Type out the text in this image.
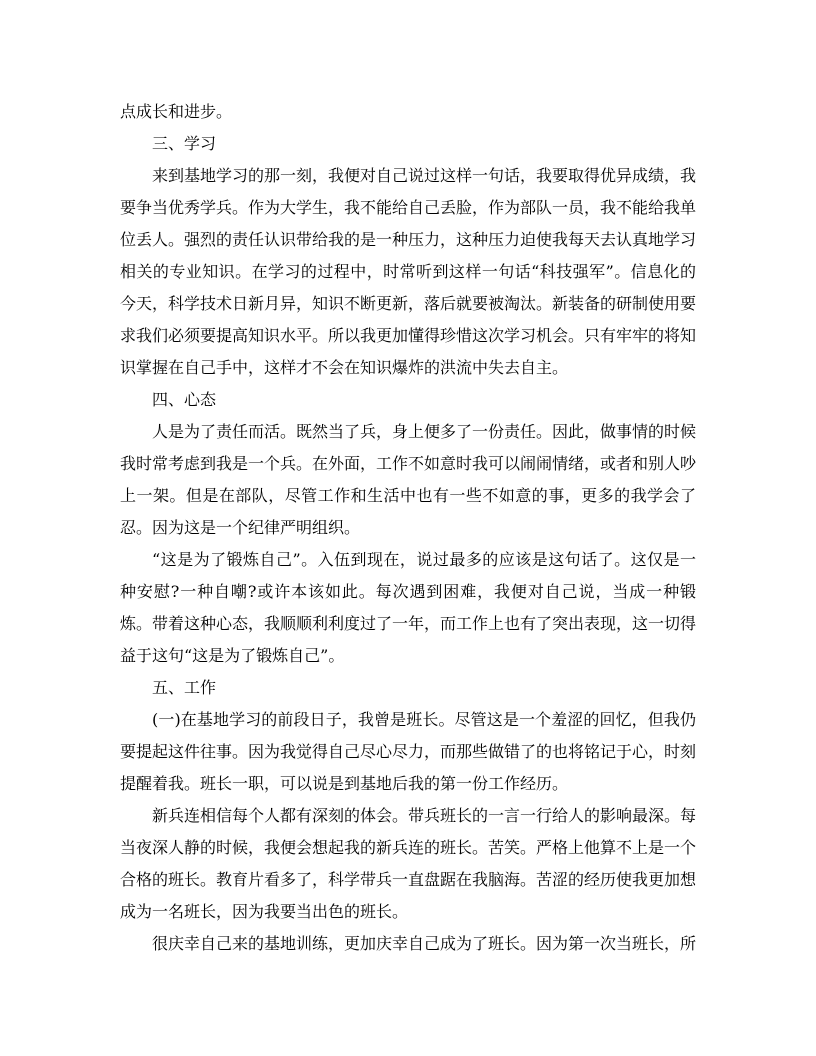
点成长和进步。

三、学习

来到基地学习的那一刻，我便对自己说过这样一句话，我要取得优异成绩，我要争当优秀学兵。作为大学生，我不能给自己丢脸，作为部队一员，我不能给我单位丢人。强烈的责任认识带给我的是一种压力，这种压力迫使我每天去认真地学习相关的专业知识。在学习的过程中，时常听到这样一句话“科技强军”。信息化的今天，科学技术日新月异，知识不断更新，落后就要被淘汰。新装备的研制使用要求我们必须要提高知识水平。所以我更加懂得珍惜这次学习机会。只有牢牢的将知识掌握在自己手中，这样才不会在知识爆炸的洪流中失去自主。

四、心态

人是为了责任而活。既然当了兵，身上便多了一份责任。因此，做事情的时候我时常考虑到我是一个兵。在外面，工作不如意时我可以闹闹情绪，或者和别人吵上一架。但是在部队，尽管工作和生活中也有一些不如意的事，更多的我学会了忍。因为这是一个纪律严明组织。

“这是为了锻炼自己”。入伍到现在，说过最多的应该是这句话了。这仅是一种安慰?一种自嘲?或许本该如此。每次遇到困难，我便对自己说，当成一种锻炼。带着这种心态，我顺顺利利度过了一年，而工作上也有了突出表现，这一切得益于这句“这是为了锻炼自己”。

五、工作

(一)在基地学习的前段日子，我曾是班长。尽管这是一个羞涩的回忆，但我仍要提起这件往事。因为我觉得自己尽心尽力，而那些做错了的也将铭记于心，时刻提醒着我。班长一职，可以说是到基地后我的第一份工作经历。

新兵连相信每个人都有深刻的体会。带兵班长的一言一行给人的影响最深。每当夜深人静的时候，我便会想起我的新兵连的班长。苦笑。严格上他算不上是一个合格的班长。教育片看多了，科学带兵一直盘踞在我脑海。苦涩的经历使我更加想成为一名班长，因为我要当出色的班长。

很庆幸自己来的基地训练，更加庆幸自己成为了班长。因为第一次当班长，所
